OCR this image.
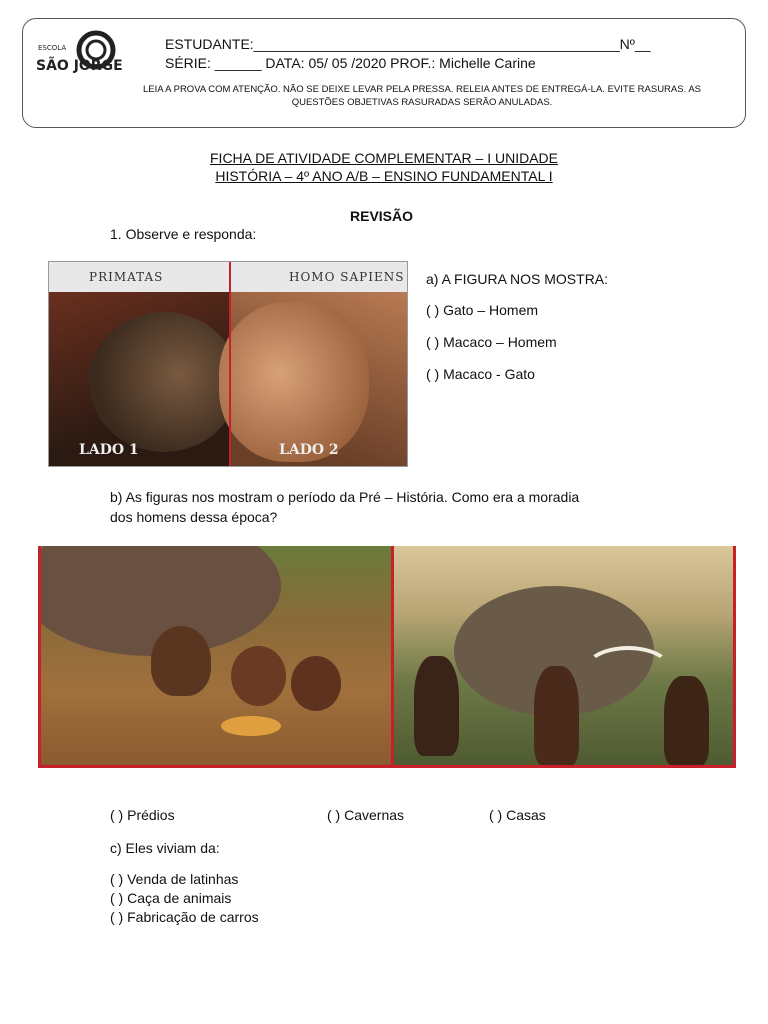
ESCOLA
SÃO JORGE
ESTUDANTE:_______________________________________________Nº__
SÉRIE: ______ DATA: 05/ 05 /2020 PROF.: Michelle Carine
LEIA A PROVA COM ATENÇÃO. NÃO SE DEIXE LEVAR PELA PRESSA. RELEIA ANTES DE ENTREGÁ-LA. EVITE RASURAS. AS QUESTÕES OBJETIVAS RASURADAS SERÃO ANULADAS.
FICHA DE ATIVIDADE COMPLEMENTAR – I UNIDADE
HISTÓRIA – 4º ANO A/B – ENSINO FUNDAMENTAL I
REVISÃO
1. Observe e responda:
PRIMATAS	HOMO SAPIENS
LADO 1	LADO 2
a) A FIGURA NOS MOSTRA:
( ) Gato – Homem
( ) Macaco – Homem
( ) Macaco - Gato
b) As figuras nos mostram o período da Pré – História. Como era a moradia
dos homens dessa época?
( ) Prédios	( ) Cavernas	( ) Casas
c) Eles viviam da:
( ) Venda de latinhas
( ) Caça de animais
( ) Fabricação de carros
